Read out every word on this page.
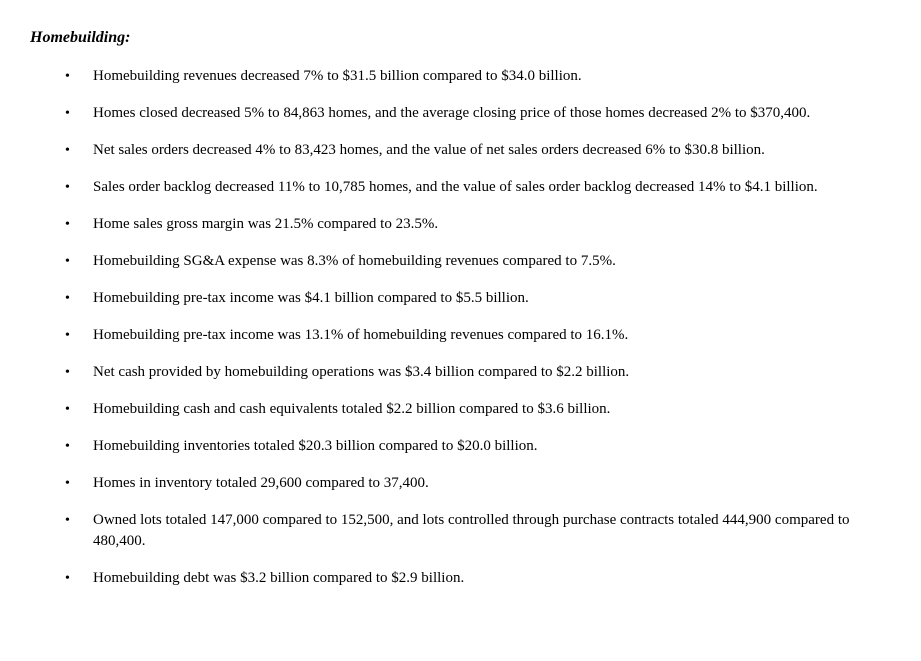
Homebuilding:
• Homebuilding revenues decreased 7% to $31.5 billion compared to $34.0 billion.
• Homes closed decreased 5% to 84,863 homes, and the average closing price of those homes decreased 2% to $370,400.
• Net sales orders decreased 4% to 83,423 homes, and the value of net sales orders decreased 6% to $30.8 billion.
• Sales order backlog decreased 11% to 10,785 homes, and the value of sales order backlog decreased 14% to $4.1 billion.
• Home sales gross margin was 21.5% compared to 23.5%.
• Homebuilding SG&A expense was 8.3% of homebuilding revenues compared to 7.5%.
• Homebuilding pre-tax income was $4.1 billion compared to $5.5 billion.
• Homebuilding pre-tax income was 13.1% of homebuilding revenues compared to 16.1%.
• Net cash provided by homebuilding operations was $3.4 billion compared to $2.2 billion.
• Homebuilding cash and cash equivalents totaled $2.2 billion compared to $3.6 billion.
• Homebuilding inventories totaled $20.3 billion compared to $20.0 billion.
• Homes in inventory totaled 29,600 compared to 37,400.
• Owned lots totaled 147,000 compared to 152,500, and lots controlled through purchase contracts totaled 444,900 compared to 480,400.
• Homebuilding debt was $3.2 billion compared to $2.9 billion.
